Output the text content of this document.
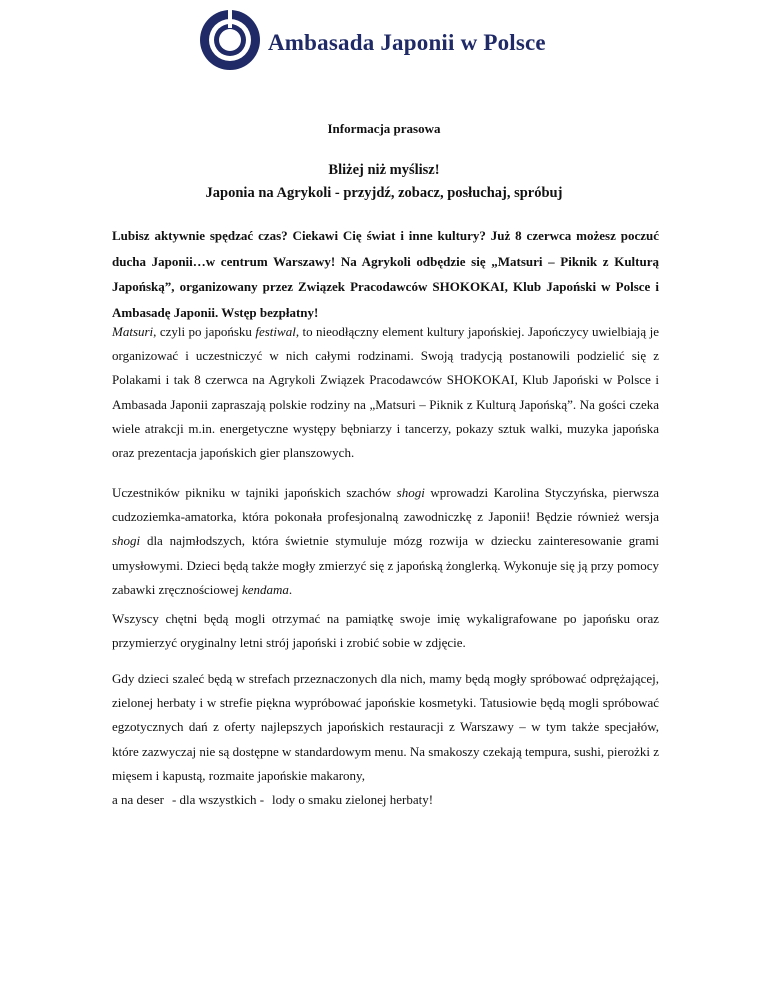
Ambasada Japonii w Polsce
Informacja prasowa
Bliżej niż myślisz!
Japonia na Agrykoli - przyjdź, zobacz, posłuchaj, spróbuj
Lubisz aktywnie spędzać czas? Ciekawi Cię świat i inne kultury? Już 8 czerwca możesz poczuć ducha Japonii…w centrum Warszawy! Na Agrykoli odbędzie się „Matsuri – Piknik z Kulturą Japońską”, organizowany przez Związek Pracodawców SHOKOKAI, Klub Japoński w Polsce i Ambasadę Japonii. Wstęp bezpłatny!
Matsuri, czyli po japońsku festiwal, to nieodłączny element kultury japońskiej. Japończycy uwielbiają je organizować i uczestniczyć w nich całymi rodzinami. Swoją tradycją postanowili podzielić się z Polakami i tak 8 czerwca na Agrykoli Związek Pracodawców SHOKOKAI, Klub Japoński w Polsce i Ambasada Japonii zapraszają polskie rodziny na „Matsuri – Piknik z Kulturą Japońską”. Na gości czeka wiele atrakcji m.in. energetyczne występy bębniarzy i tancerzy, pokazy sztuk walki, muzyka japońska oraz prezentacja japońskich gier planszowych.
Uczestników pikniku w tajniki japońskich szachów shogi wprowadzi Karolina Styczyńska, pierwsza cudzoziemka-amatorka, która pokonała profesjonalną zawodniczkę z Japonii! Będzie również wersja shogi dla najmłodszych, która świetnie stymuluje mózg rozwija w dziecku zainteresowanie grami umysłowymi. Dzieci będą także mogły zmierzyć się z japońską żonglerką. Wykonuje się ją przy pomocy zabawki zręcznościowej kendama.
Wszyscy chętni będą mogli otrzymać na pamiątkę swoje imię wykaligrafowane po japońsku oraz przymierzyć oryginalny letni strój japoński i zrobić sobie w zdjęcie.
Gdy dzieci szaleć będą w strefach przeznaczonych dla nich, mamy będą mogły spróbować odprężającej, zielonej herbaty i w strefie piękna wypróbować japońskie kosmetyki. Tatusiowie będą mogli spróbować egzotycznych dań z oferty najlepszych japońskich restauracji z Warszawy – w tym także specjałów, które zazwyczaj nie są dostępne w standardowym menu. Na smakoszy czekają tempura, sushi, pierożki z mięsem i kapustą, rozmaite japońskie makarony,
a na deser - dla wszystkich - lody o smaku zielonej herbaty!
